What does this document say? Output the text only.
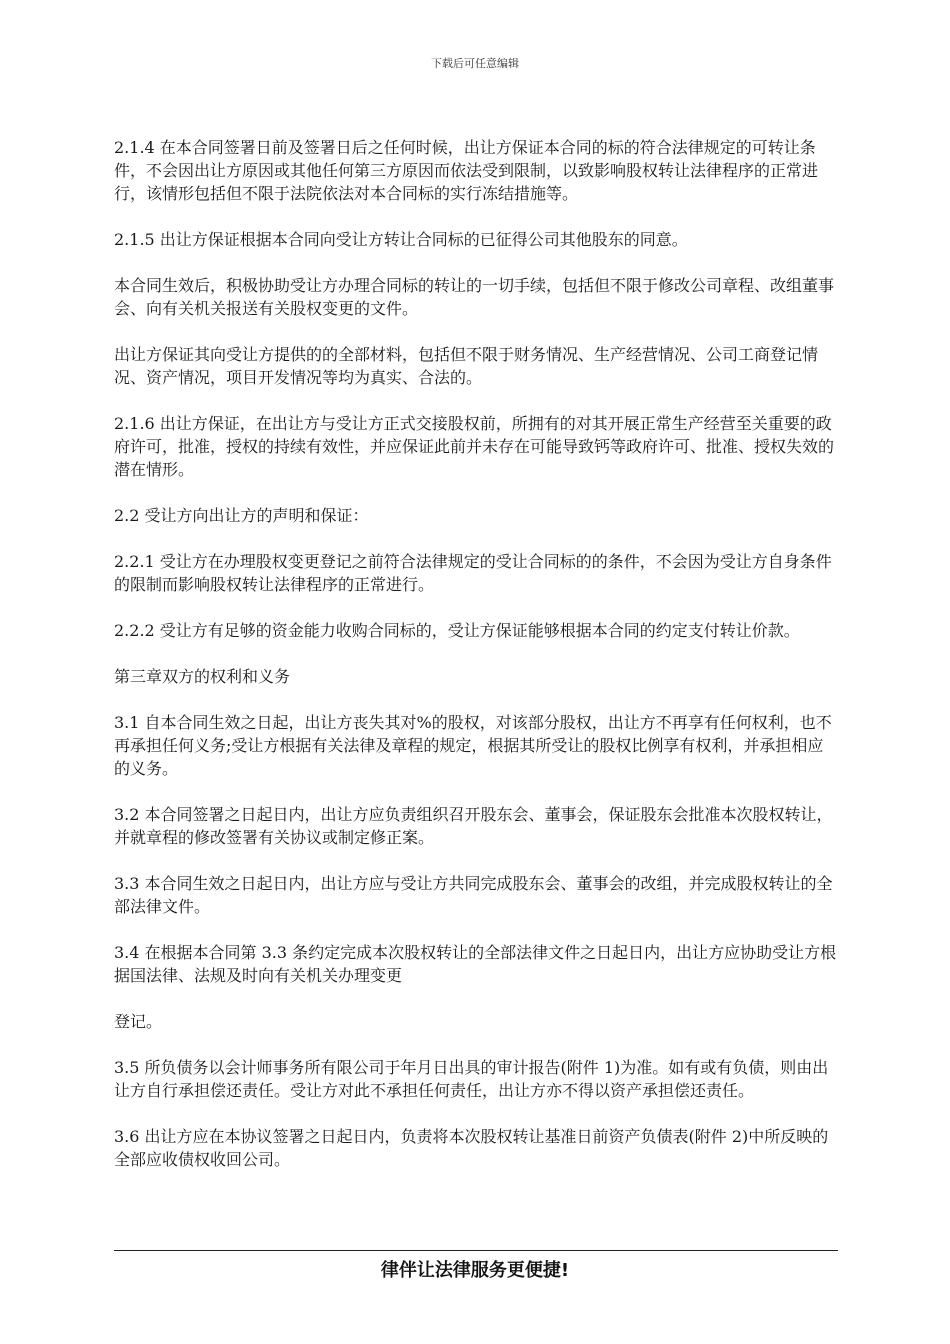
下载后可任意编辑

2.1.4 在本合同签署日前及签署日后之任何时候，出让方保证本合同的标的符合法律规定的可转让条件，不会因出让方原因或其他任何第三方原因而依法受到限制，以致影响股权转让法律程序的正常进行，该情形包括但不限于法院依法对本合同标的实行冻结措施等。

2.1.5 出让方保证根据本合同向受让方转让合同标的已征得公司其他股东的同意。

本合同生效后，积极协助受让方办理合同标的转让的一切手续，包括但不限于修改公司章程、改组董事会、向有关机关报送有关股权变更的文件。

出让方保证其向受让方提供的的全部材料，包括但不限于财务情况、生产经营情况、公司工商登记情况、资产情况，项目开发情况等均为真实、合法的。

2.1.6 出让方保证，在出让方与受让方正式交接股权前，所拥有的对其开展正常生产经营至关重要的政府许可，批准，授权的持续有效性，并应保证此前并未存在可能导致钙等政府许可、批准、授权失效的潜在情形。

2.2 受让方向出让方的声明和保证：

2.2.1 受让方在办理股权变更登记之前符合法律规定的受让合同标的的条件，不会因为受让方自身条件的限制而影响股权转让法律程序的正常进行。

2.2.2 受让方有足够的资金能力收购合同标的，受让方保证能够根据本合同的约定支付转让价款。

第三章双方的权利和义务

3.1 自本合同生效之日起，出让方丧失其对%的股权，对该部分股权，出让方不再享有任何权利，也不再承担任何义务;受让方根据有关法律及章程的规定，根据其所受让的股权比例享有权利，并承担相应的义务。

3.2 本合同签署之日起日内，出让方应负责组织召开股东会、董事会，保证股东会批准本次股权转让，并就章程的修改签署有关协议或制定修正案。

3.3 本合同生效之日起日内，出让方应与受让方共同完成股东会、董事会的改组，并完成股权转让的全部法律文件。

3.4 在根据本合同第 3.3 条约定完成本次股权转让的全部法律文件之日起日内，出让方应协助受让方根据国法律、法规及时向有关机关办理变更

登记。

3.5 所负债务以会计师事务所有限公司于年月日出具的审计报告(附件 1)为准。如有或有负债，则由出让方自行承担偿还责任。受让方对此不承担任何责任，出让方亦不得以资产承担偿还责任。

3.6 出让方应在本协议签署之日起日内，负责将本次股权转让基准日前资产负债表(附件 2)中所反映的全部应收债权收回公司。

律伴让法律服务更便捷!
